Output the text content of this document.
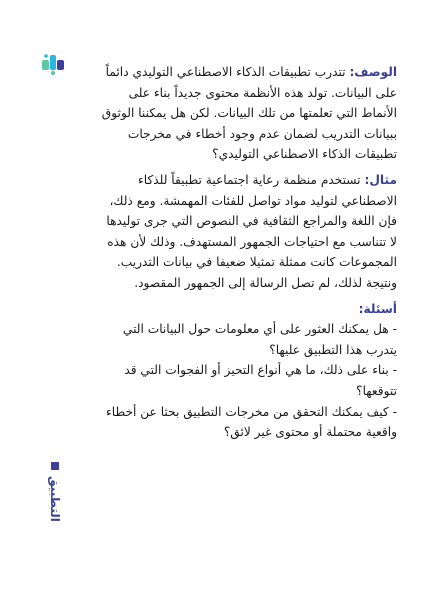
الوصف: تتدرب تطبيقات الذكاء الاصطناعي التوليدي دائماً على البيانات. تولد هذه الأنظمة محتوى جديداً بناء على الأنماط التي تعلمتها من تلك البيانات. لكن هل يمكننا الوثوق ببيانات التدريب لضمان عدم وجود أخطاء في مخرجات تطبيقات الذكاء الاصطناعي التوليدي؟

مثال: تستخدم منظمة رعاية اجتماعية تطبيقاً للذكاء الاصطناعي لتوليد مواد تواصل للفئات المهمشة. ومع ذلك، فإن اللغة والمراجع الثقافية في النصوص التي جرى توليدها لا تتناسب مع احتياجات الجمهور المستهدف. وذلك لأن هذه المجموعات كانت ممثلة تمثيلا ضعيفا في بيانات التدريب. ونتيجة لذلك، لم تصل الرسالة إلى الجمهور المقصود.

أسئلة:

- هل يمكنك العثور على أي معلومات حول البيانات التي يتدرب هذا التطبيق عليها؟

- بناء على ذلك، ما هي أنواع التحيز أو الفجوات التي قد تتوقعها؟

- كيف يمكنك التحقق من مخرجات التطبيق بحثا عن أخطاء واقعية محتملة أو محتوى غير لائق؟

التطبيق
